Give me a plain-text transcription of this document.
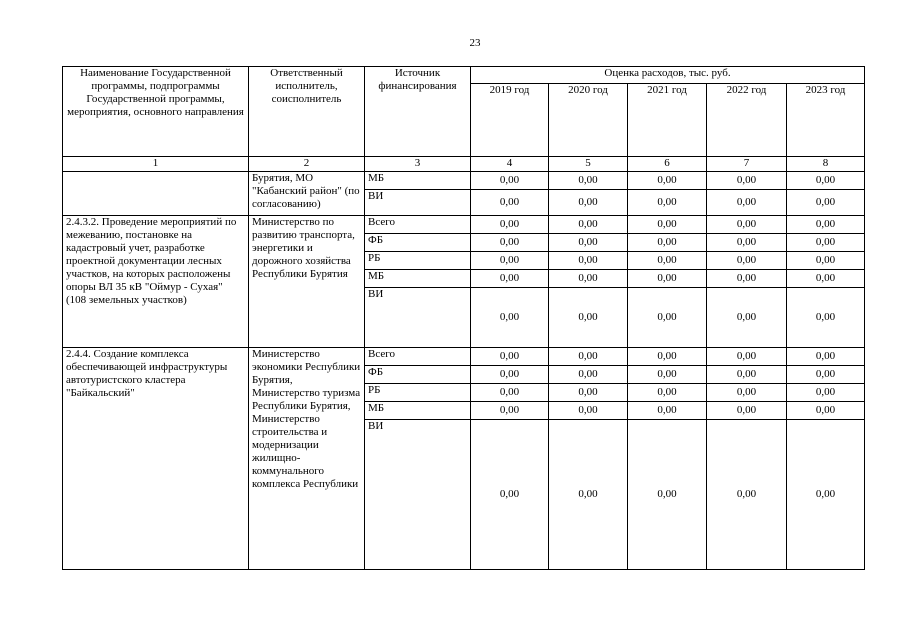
23
Наименование Государственной программы, подпрограммы Государственной программы, мероприятия, основного направления	Ответственный исполнитель, соисполнитель	Источник финансирования	Оценка расходов, тыс. руб.				
			2019 год	2020 год	2021 год	2022 год	2023 год
1	2	3	4	5	6	7	8
	Бурятия, МО "Кабанский район" (по согласованию)	МБ	0,00	0,00	0,00	0,00	0,00
		ВИ	0,00	0,00	0,00	0,00	0,00
2.4.3.2. Проведение мероприятий по межеванию, постановке на кадастровый учет, разработке проектной документации лесных участков, на которых расположены опоры ВЛ 35 кВ "Оймур - Сухая" (108 земельных участков)	Министерство по развитию транспорта, энергетики и дорожного хозяйства Республики Бурятия	Всего	0,00	0,00	0,00	0,00	0,00
		ФБ	0,00	0,00	0,00	0,00	0,00
		РБ	0,00	0,00	0,00	0,00	0,00
		МБ	0,00	0,00	0,00	0,00	0,00
		ВИ	0,00	0,00	0,00	0,00	0,00
2.4.4. Создание комплекса обеспечивающей инфраструктуры автотуристского кластера "Байкальский"	Министерство экономики Республики Бурятия, Министерство туризма Республики Бурятия, Министерство строительства и модернизации жилищно-коммунального комплекса Республики	Всего	0,00	0,00	0,00	0,00	0,00
		ФБ	0,00	0,00	0,00	0,00	0,00
		РБ	0,00	0,00	0,00	0,00	0,00
		МБ	0,00	0,00	0,00	0,00	0,00
		ВИ	0,00	0,00	0,00	0,00	0,00
